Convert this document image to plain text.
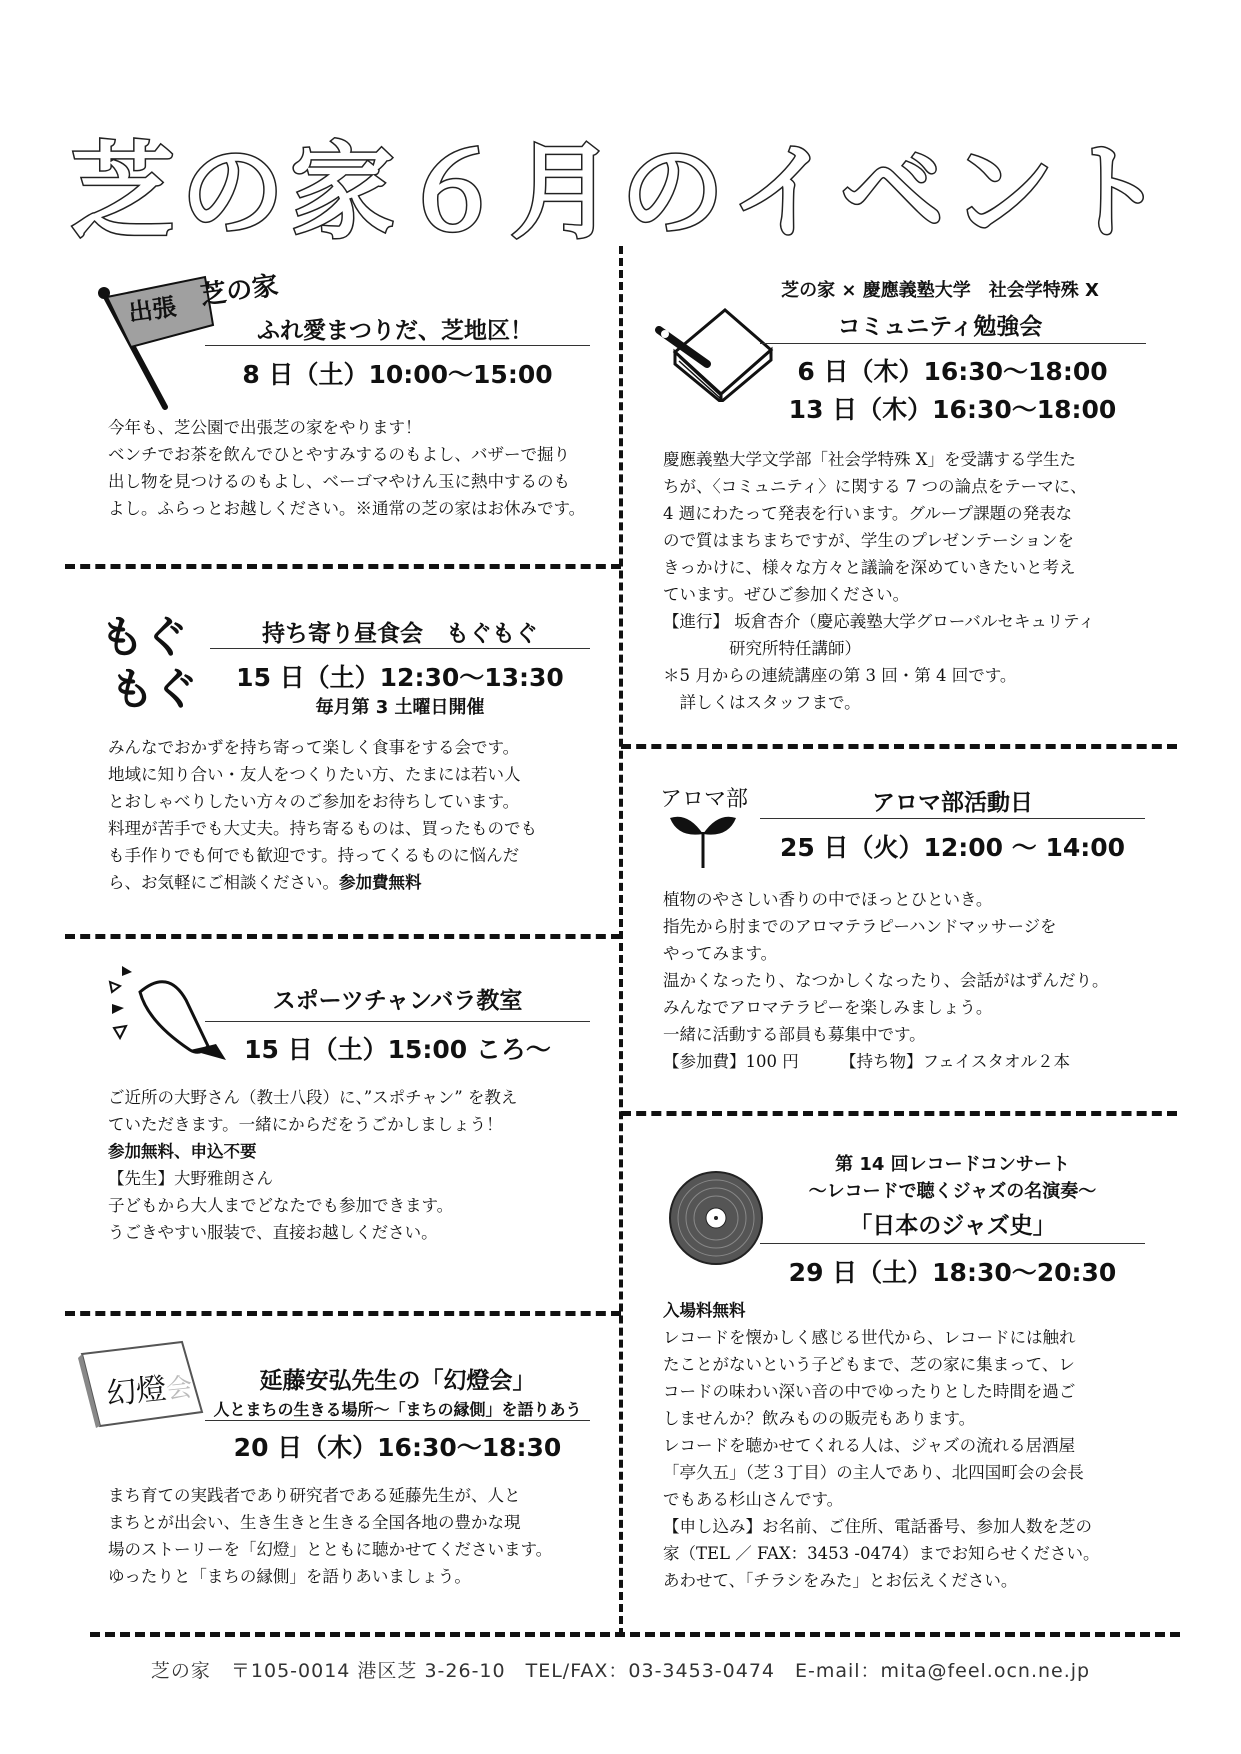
芝の家６月のイベント
出張 芝の家
ふれ愛まつりだ、芝地区！
8 日（土）10:00〜15:00
今年も、芝公園で出張芝の家をやります！
ベンチでお茶を飲んでひとやすみするのもよし、バザーで掘り
出し物を見つけるのもよし、ベーゴマやけん玉に熱中するのも
よし。ふらっとお越しください。※通常の芝の家はお休みです。
もぐ
もぐ
持ち寄り昼食会　もぐもぐ
15 日（土）12:30〜13:30
毎月第 3 土曜日開催
みんなでおかずを持ち寄って楽しく食事をする会です。
地域に知り合い・友人をつくりたい方、たまには若い人
とおしゃべりしたい方々のご参加をお待ちしています。
料理が苦手でも大丈夫。持ち寄るものは、買ったものでも
も手作りでも何でも歓迎です。持ってくるものに悩んだ
ら、お気軽にご相談ください。参加費無料
スポーツチャンバラ教室
15 日（土）15:00 ころ〜
ご近所の大野さん（教士八段）に、”スポチャン” を教え
ていただきます。一緒にからだをうごかしましょう！
参加無料、申込不要
【先生】大野雅朗さん
子どもから大人までどなたでも参加できます。
うごきやすい服装で、直接お越しください。
幻燈会	延藤安弘先生の「幻燈会」
人とまちの生きる場所〜「まちの縁側」を語りあう
20 日（木）16:30〜18:30
まち育ての実践者であり研究者である延藤先生が、人と
まちとが出会い、生き生きと生きる全国各地の豊かな現
場のストーリーを「幻燈」とともに聴かせてくださいます。
ゆったりと「まちの縁側」を語りあいましょう。
芝の家 × 慶應義塾大学　社会学特殊 X
コミュニティ勉強会
6 日（木）16:30〜18:00
13 日（木）16:30〜18:00
慶應義塾大学文学部「社会学特殊 X」を受講する学生た
ちが、〈コミュニティ〉に関する 7 つの論点をテーマに、
4 週にわたって発表を行います。グループ課題の発表な
ので質はまちまちですが、学生のプレゼンテーションを
きっかけに、様々な方々と議論を深めていきたいと考え
ています。ぜひご参加ください。
【進行】 坂倉杏介（慶応義塾大学グローバルセキュリティ
　　　　研究所特任講師）
＊5 月からの連続講座の第 3 回・第 4 回です。
　詳しくはスタッフまで。
アロマ部	アロマ部活動日
25 日（火）12:00 〜 14:00
植物のやさしい香りの中でほっとひといき。
指先から肘までのアロマテラピーハンドマッサージを
やってみます。
温かくなったり、なつかしくなったり、会話がはずんだり。
みんなでアロマテラピーを楽しみましょう。
一緒に活動する部員も募集中です。
【参加費】100 円　　　【持ち物】フェイスタオル２本
第 14 回レコードコンサート
〜レコードで聴くジャズの名演奏〜
「日本のジャズ史」
29 日（土）18:30〜20:30
入場料無料
レコードを懐かしく感じる世代から、レコードには触れ
たことがないという子どもまで、芝の家に集まって、レ
コードの味わい深い音の中でゆったりとした時間を過ご
しませんか？飲みものの販売もあります。
レコードを聴かせてくれる人は、ジャズの流れる居酒屋
「亭久五」（芝３丁目）の主人であり、北四国町会の会長
でもある杉山さんです。
【申し込み】お名前、ご住所、電話番号、参加人数を芝の
家（TEL ／ FAX：3453 -0474）までお知らせください。
あわせて、「チラシをみた」とお伝えください。
芝の家　〒105-0014 港区芝 3-26-10　TEL/FAX：03-3453-0474　E-mail：mita@feel.ocn.ne.jp
